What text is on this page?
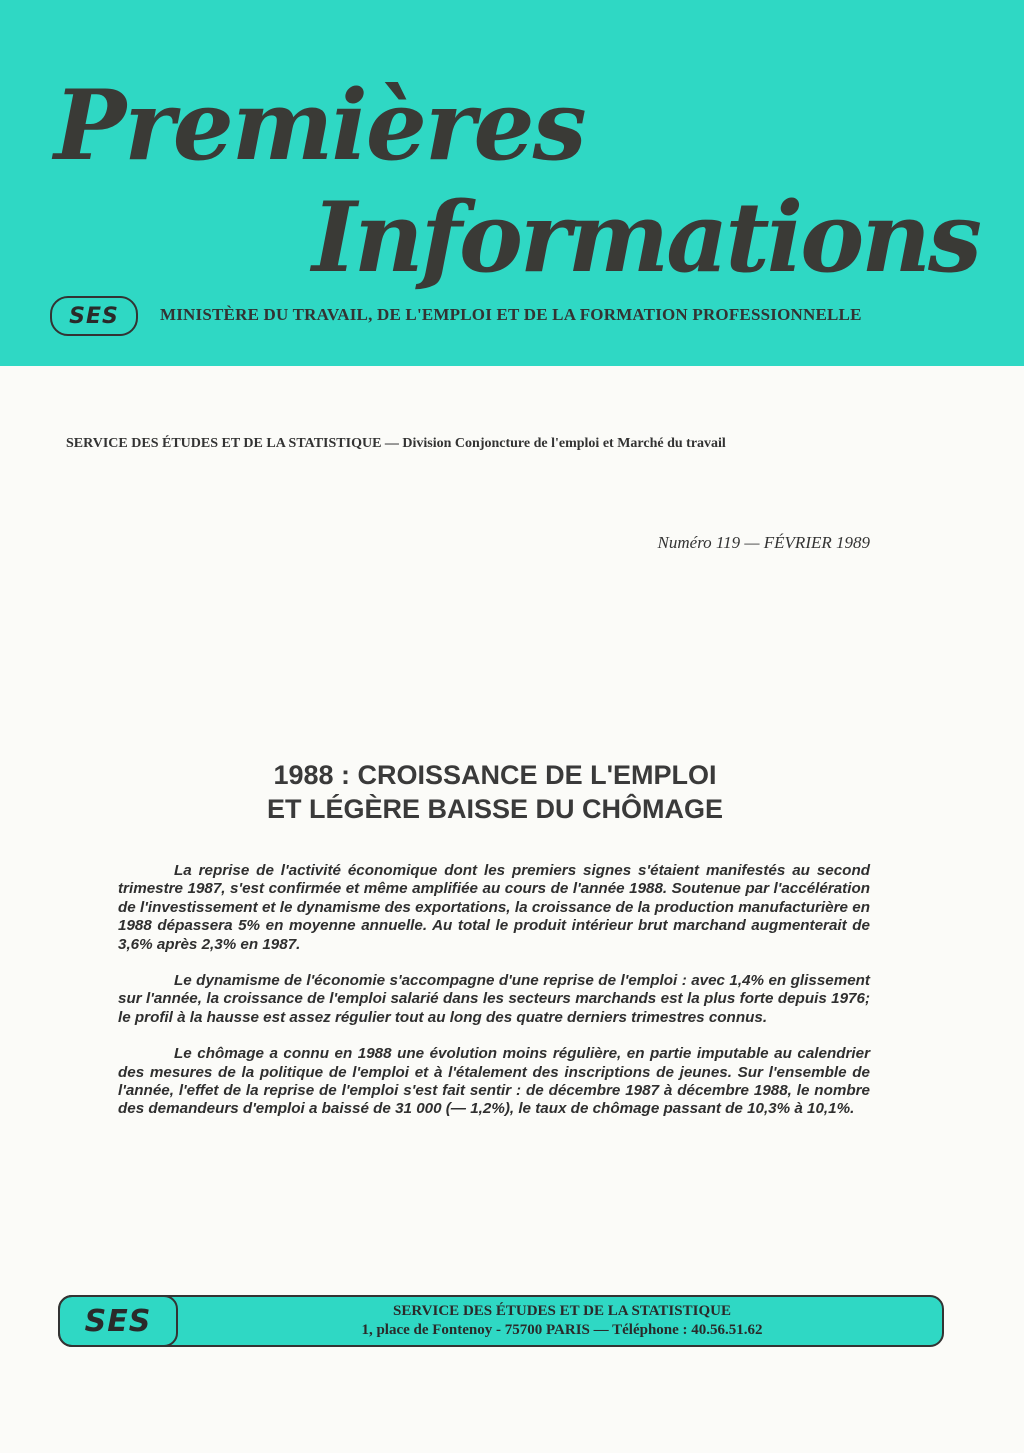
Premières
Informations
SES	MINISTÈRE DU TRAVAIL, DE L'EMPLOI ET DE LA FORMATION PROFESSIONNELLE
SERVICE DES ÉTUDES ET DE LA STATISTIQUE — Division Conjoncture de l'emploi et Marché du travail
Numéro 119 — FÉVRIER 1989
1988 : CROISSANCE DE L'EMPLOI
ET LÉGÈRE BAISSE DU CHÔMAGE

La reprise de l'activité économique dont les premiers signes s'étaient manifestés au second trimestre 1987, s'est confirmée et même amplifiée au cours de l'année 1988. Soutenue par l'accélération de l'investissement et le dynamisme des exportations, la croissance de la production manufacturière en 1988 dépassera 5% en moyenne annuelle. Au total le produit intérieur brut marchand augmenterait de 3,6% après 2,3% en 1987.

Le dynamisme de l'économie s'accompagne d'une reprise de l'emploi : avec 1,4% en glissement sur l'année, la croissance de l'emploi salarié dans les secteurs marchands est la plus forte depuis 1976; le profil à la hausse est assez régulier tout au long des quatre derniers trimestres connus.

Le chômage a connu en 1988 une évolution moins régulière, en partie imputable au calendrier des mesures de la politique de l'emploi et à l'étalement des inscriptions de jeunes. Sur l'ensemble de l'année, l'effet de la reprise de l'emploi s'est fait sentir : de décembre 1987 à décembre 1988, le nombre des demandeurs d'emploi a baissé de 31 000 (— 1,2%), le taux de chômage passant de 10,3% à 10,1%.

SES	SERVICE DES ÉTUDES ET DE LA STATISTIQUE
1, place de Fontenoy - 75700 PARIS — Téléphone : 40.56.51.62
